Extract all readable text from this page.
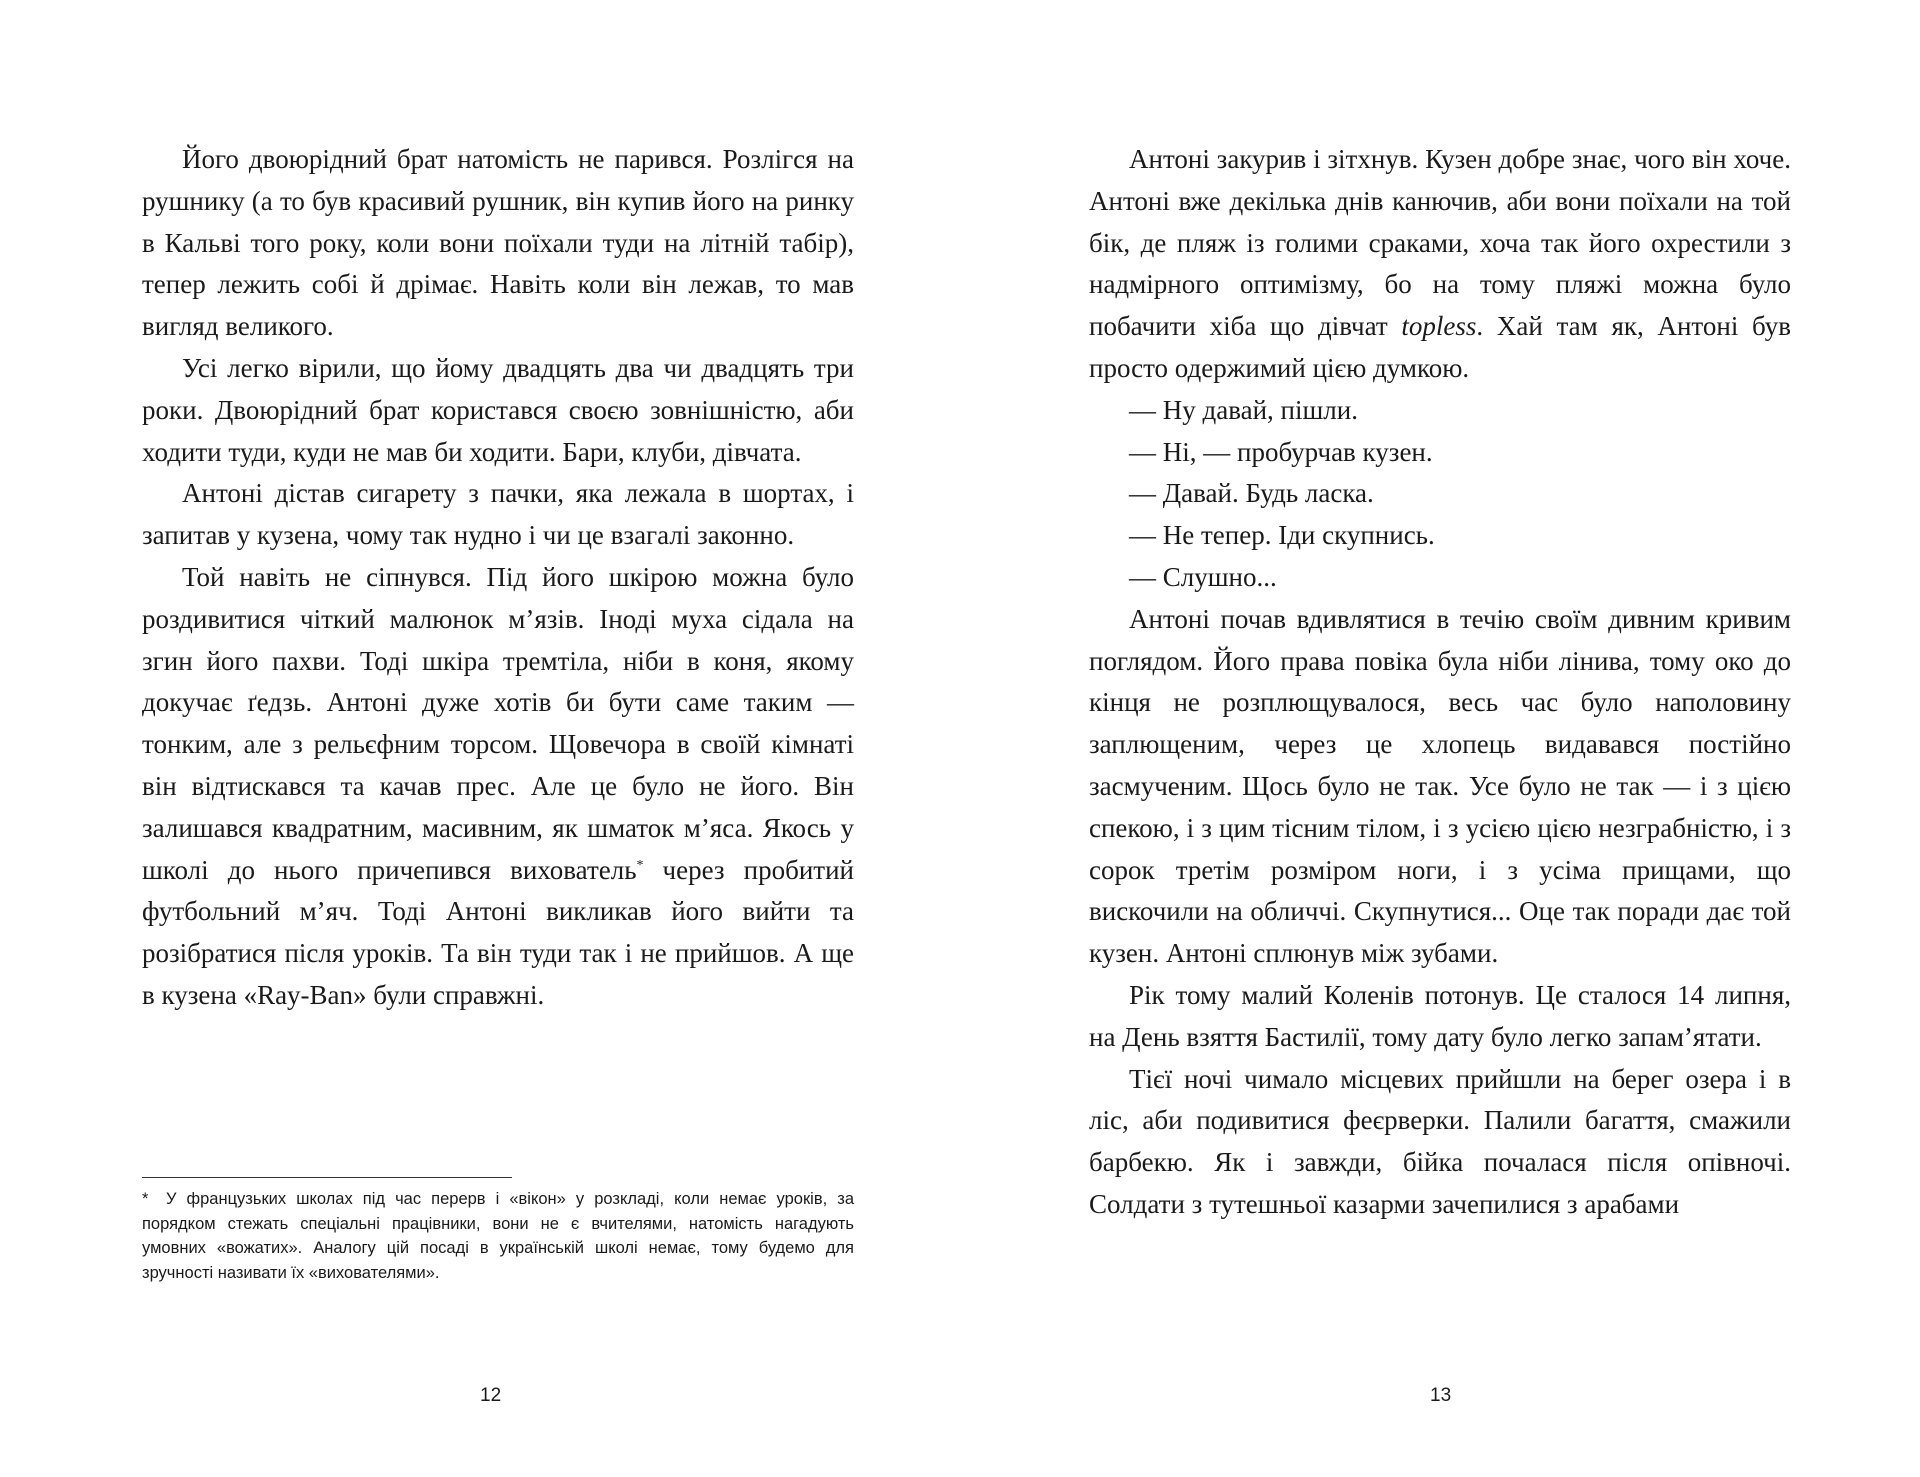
Його двоюрідний брат натомість не парився. Розлігся на рушнику (а то був красивий рушник, він купив його на ринку в Кальві того року, коли вони поїхали туди на літній табір), тепер лежить собі й дрімає. Навіть коли він лежав, то мав вигляд великого.

Усі легко вірили, що йому двадцять два чи двадцять три роки. Двоюрідний брат користався своєю зовнішністю, аби ходити туди, куди не мав би ходити. Бари, клуби, дівчата.

Антоні дістав сигарету з пачки, яка лежала в шортах, і запитав у кузена, чому так нудно і чи це взагалі законно.

Той навіть не сіпнувся. Під його шкірою можна було роздивитися чіткий малюнок м’язів. Іноді муха сідала на згин його пахви. Тоді шкіра тремтіла, ніби в коня, якому докучає ґедзь. Антоні дуже хотів би бути саме таким — тонким, але з рельєфним торсом. Щовечора в своїй кімнаті він відтискався та качав прес. Але це було не його. Він залишався квадратним, масивним, як шматок м’яса. Якось у школі до нього причепився вихователь* через пробитий футбольний м’яч. Тоді Антоні викликав його вийти та розібратися після уроків. Та він туди так і не прийшов. А ще в кузена «Ray-Ban» були справжні.

* У французьких школах під час перерв і «вікон» у розкладі, коли немає уроків, за порядком стежать спеціальні працівники, вони не є вчителями, натомість нагадують умовних «вожатих». Аналогу цій посаді в українській школі немає, тому будемо для зручності називати їх «вихователями».
12

Антоні закурив і зітхнув. Кузен добре знає, чого він хоче. Антоні вже декілька днів канючив, аби вони поїхали на той бік, де пляж із голими сраками, хоча так його охрестили з надмірного оптимізму, бо на тому пляжі можна було побачити хіба що дівчат topless. Хай там як, Антоні був просто одержимий цією думкою.

— Ну давай, пішли.

— Ні, — пробурчав кузен.

— Давай. Будь ласка.

— Не тепер. Іди скупнись.

— Слушно...

Антоні почав вдивлятися в течію своїм дивним кривим поглядом. Його права повіка була ніби лінива, тому око до кінця не розплющувалося, весь час було наполовину заплющеним, через це хлопець видавався постійно засмученим. Щось було не так. Усе було не так — і з цією спекою, і з цим тісним тілом, і з усією цією незграбністю, і з сорок третім розміром ноги, і з усіма прищами, що вискочили на обличчі. Скупнутися... Оце так поради дає той кузен. Антоні сплюнув між зубами.

Рік тому малий Коленів потонув. Це сталося 14 липня, на День взяття Бастилії, тому дату було легко запам’ятати.

Тієї ночі чимало місцевих прийшли на берег озера і в ліс, аби подивитися феєрверки. Палили багаття, смажили барбекю. Як і завжди, бійка почалася після опівночі. Солдати з тутешньої казарми зачепилися з арабами

13
